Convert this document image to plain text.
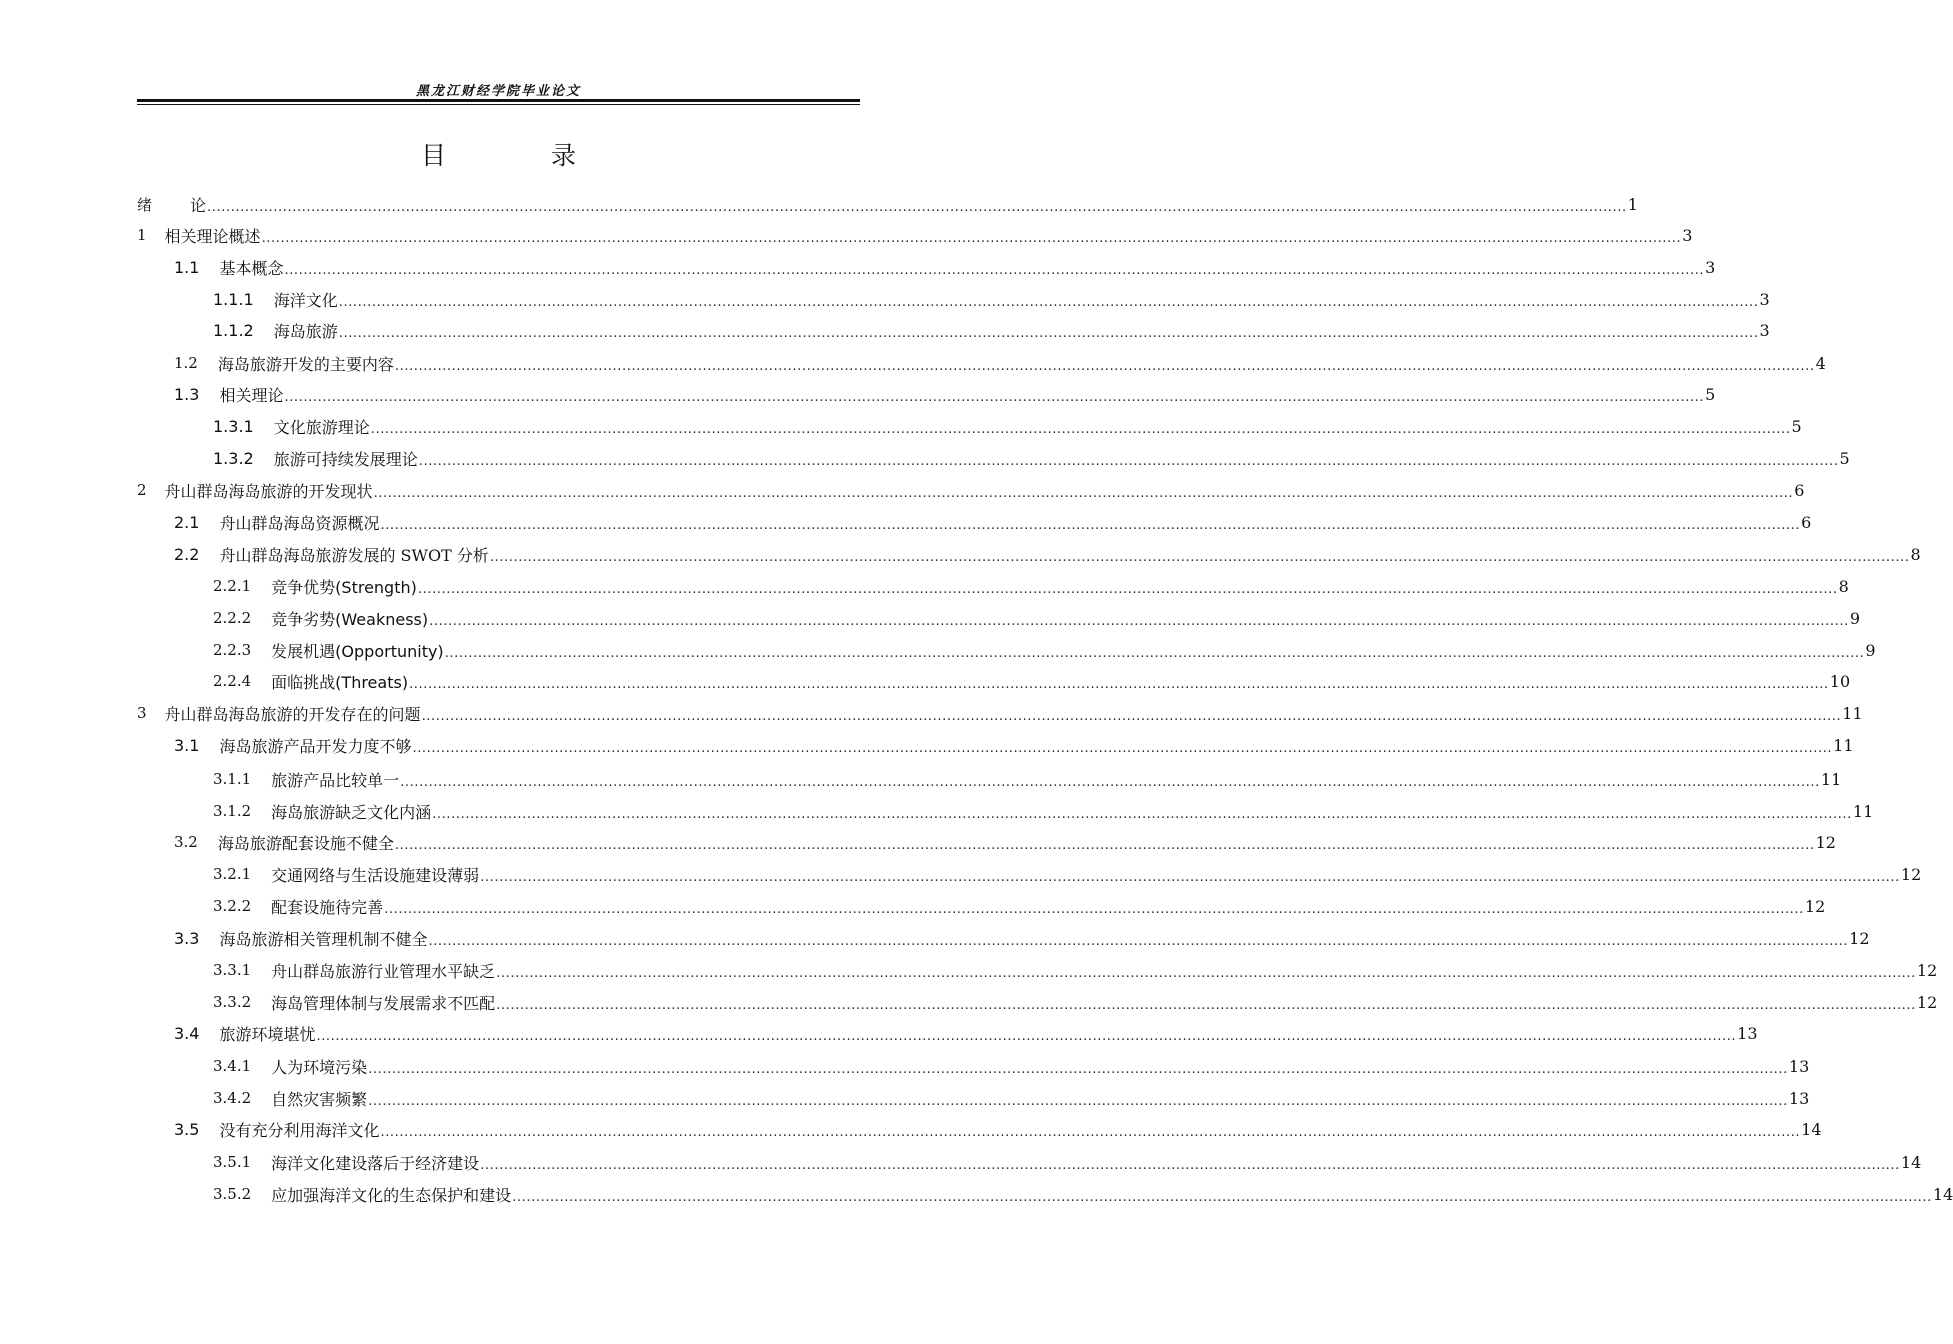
黑龙江财经学院毕业论文
目　录
绪 论 ............................................................................................................................................................................................................................................................................................................ 1
1 相关理论概述 ............................................................................................................................................................................................................................................................................................................ 3
1.1 基本概念 ............................................................................................................................................................................................................................................................................................................ 3
1.1.1 海洋文化 ............................................................................................................................................................................................................................................................................................................ 3
1.1.2 海岛旅游 ............................................................................................................................................................................................................................................................................................................ 3
1.2 海岛旅游开发的主要内容 ............................................................................................................................................................................................................................................................................................................ 4
1.3 相关理论 ............................................................................................................................................................................................................................................................................................................ 5
1.3.1 文化旅游理论 ............................................................................................................................................................................................................................................................................................................ 5
1.3.2 旅游可持续发展理论 ............................................................................................................................................................................................................................................................................................................ 5
2 舟山群岛海岛旅游的开发现状 ............................................................................................................................................................................................................................................................................................................ 6
2.1 舟山群岛海岛资源概况 ............................................................................................................................................................................................................................................................................................................ 6
2.2 舟山群岛海岛旅游发展的 SWOT 分析 ............................................................................................................................................................................................................................................................................................................ 8
2.2.1 竞争优势(Strength) ............................................................................................................................................................................................................................................................................................................ 8
2.2.2 竞争劣势(Weakness) ............................................................................................................................................................................................................................................................................................................ 9
2.2.3 发展机遇(Opportunity) ............................................................................................................................................................................................................................................................................................................ 9
2.2.4 面临挑战(Threats) ............................................................................................................................................................................................................................................................................................................ 10
3 舟山群岛海岛旅游的开发存在的问题 ............................................................................................................................................................................................................................................................................................................ 11
3.1 海岛旅游产品开发力度不够 ............................................................................................................................................................................................................................................................................................................ 11
3.1.1 旅游产品比较单一 ............................................................................................................................................................................................................................................................................................................ 11
3.1.2 海岛旅游缺乏文化内涵 ............................................................................................................................................................................................................................................................................................................ 11
3.2 海岛旅游配套设施不健全 ............................................................................................................................................................................................................................................................................................................ 12
3.2.1 交通网络与生活设施建设薄弱 ............................................................................................................................................................................................................................................................................................................ 12
3.2.2 配套设施待完善 ............................................................................................................................................................................................................................................................................................................ 12
3.3 海岛旅游相关管理机制不健全 ............................................................................................................................................................................................................................................................................................................ 12
3.3.1 舟山群岛旅游行业管理水平缺乏 ............................................................................................................................................................................................................................................................................................................ 12
3.3.2 海岛管理体制与发展需求不匹配 ............................................................................................................................................................................................................................................................................................................ 12
3.4 旅游环境堪忧 ............................................................................................................................................................................................................................................................................................................ 13
3.4.1 人为环境污染 ............................................................................................................................................................................................................................................................................................................ 13
3.4.2 自然灾害频繁 ............................................................................................................................................................................................................................................................................................................ 13
3.5 没有充分利用海洋文化 ............................................................................................................................................................................................................................................................................................................ 14
3.5.1 海洋文化建设落后于经济建设 ............................................................................................................................................................................................................................................................................................................ 14
3.5.2 应加强海洋文化的生态保护和建设 ............................................................................................................................................................................................................................................................................................................ 14
